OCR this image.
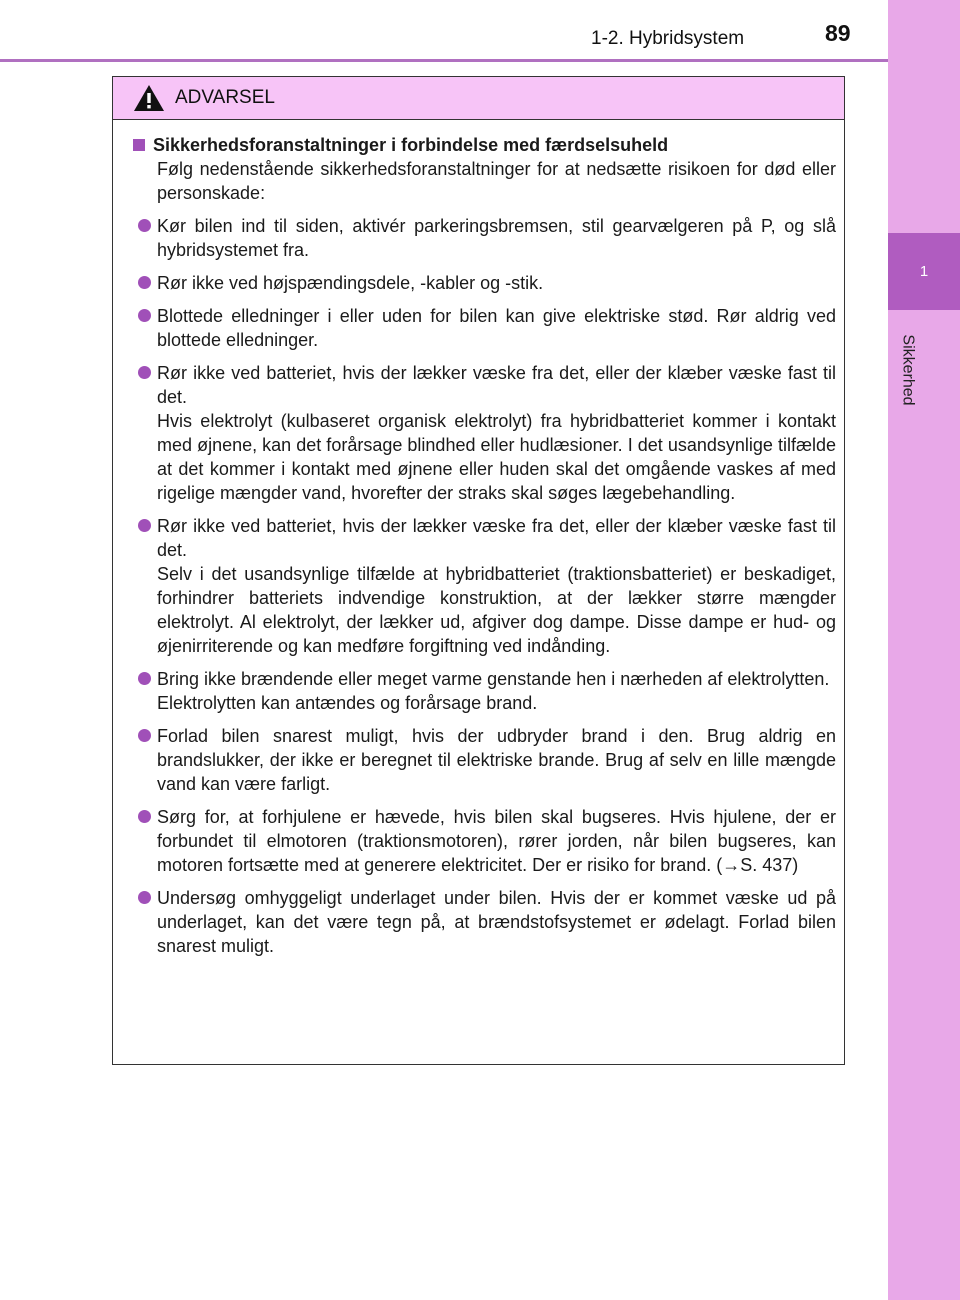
1
Sikkerhed
1-2. Hybridsystem	89
ADVARSEL
Sikkerhedsforanstaltninger i forbindelse med færdselsuheld
Følg nedenstående sikkerhedsforanstaltninger for at nedsætte risikoen for død eller personskade:
Kør bilen ind til siden, aktivér parkeringsbremsen, stil gearvælgeren på P, og slå hybridsystemet fra.
Rør ikke ved højspændingsdele, -kabler og -stik.
Blottede elledninger i eller uden for bilen kan give elektriske stød. Rør aldrig ved blottede elledninger.
Rør ikke ved batteriet, hvis der lækker væske fra det, eller der klæber væske fast til det.
Hvis elektrolyt (kulbaseret organisk elektrolyt) fra hybridbatteriet kommer i kontakt med øjnene, kan det forårsage blindhed eller hudlæsioner. I det usandsynlige tilfælde at det kommer i kontakt med øjnene eller huden skal det omgående vaskes af med rigelige mængder vand, hvorefter der straks skal søges lægebehandling.
Rør ikke ved batteriet, hvis der lækker væske fra det, eller der klæber væske fast til det.
Selv i det usandsynlige tilfælde at hybridbatteriet (traktionsbatteriet) er beskadiget, forhindrer batteriets indvendige konstruktion, at der lækker større mængder elektrolyt. Al elektrolyt, der lækker ud, afgiver dog dampe. Disse dampe er hud- og øjenirriterende og kan medføre forgiftning ved indånding.
Bring ikke brændende eller meget varme genstande hen i nærheden af elektrolytten.
Elektrolytten kan antændes og forårsage brand.
Forlad bilen snarest muligt, hvis der udbryder brand i den. Brug aldrig en brandslukker, der ikke er beregnet til elektriske brande. Brug af selv en lille mængde vand kan være farligt.
Sørg for, at forhjulene er hævede, hvis bilen skal bugseres. Hvis hjulene, der er forbundet til elmotoren (traktionsmotoren), rører jorden, når bilen bugseres, kan motoren fortsætte med at generere elektricitet. Der er risiko for brand. (→S. 437)
Undersøg omhyggeligt underlaget under bilen. Hvis der er kommet væske ud på underlaget, kan det være tegn på, at brændstofsystemet er ødelagt. Forlad bilen snarest muligt.
